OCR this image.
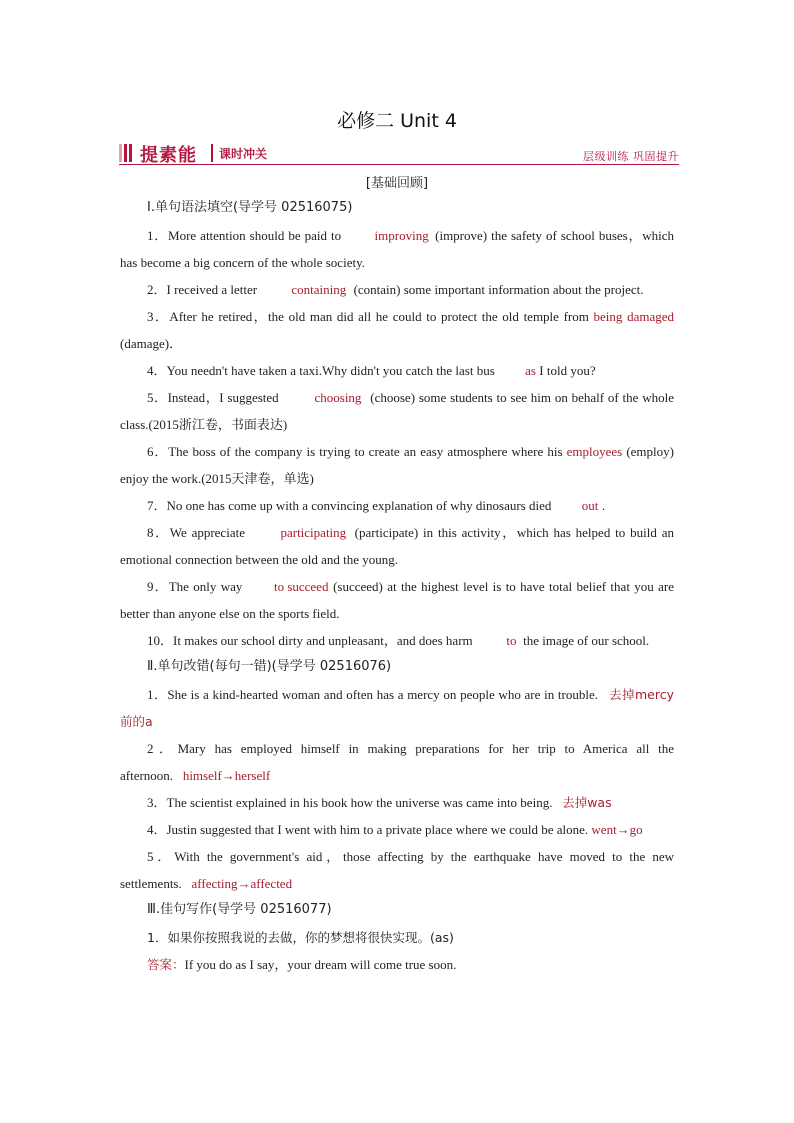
必修二 Unit 4
提素能 课时冲关	层级训练 巩固提升
[基础回顾]
Ⅰ.单句语法填空(导学号 02516075)

1．More attention should be paid to improving (improve) the safety of school buses，which has become a big concern of the whole society.

2．I received a letter containing (contain) some important information about the project.

3．After he retired，the old man did all he could to protect the old temple from being damaged (damage)．

4．You needn't have taken a taxi.Why didn't you catch the last bus as I told you?

5．Instead，I suggested choosing (choose) some students to see him on behalf of the whole class.(2015浙江卷，书面表达)

6．The boss of the company is trying to create an easy atmosphere where his employees (employ) enjoy the work.(2015天津卷，单选)

7．No one has come up with a convincing explanation of why dinosaurs died out .

8．We appreciate participating (participate) in this activity，which has helped to build an emotional connection between the old and the young.

9．The only way to succeed (succeed) at the highest level is to have total belief that you are better than anyone else on the sports field.

10．It makes our school dirty and unpleasant，and does harm to the image of our school.

Ⅱ.单句改错(每句一错)(导学号 02516076)

1．She is a kind-hearted woman and often has a mercy on people who are in trouble. 去掉mercy前的a

2．Mary has employed himself in making preparations for her trip to America all the afternoon. himself→herself

3．The scientist explained in his book how the universe was came into being. 去掉was

4．Justin suggested that I went with him to a private place where we could be alone. went→go

5．With the government's aid，those affecting by the earthquake have moved to the new settlements. affecting→affected

Ⅲ.佳句写作(导学号 02516077)

1．如果你按照我说的去做，你的梦想将很快实现。(as)

答案：If you do as I say，your dream will come true soon.
